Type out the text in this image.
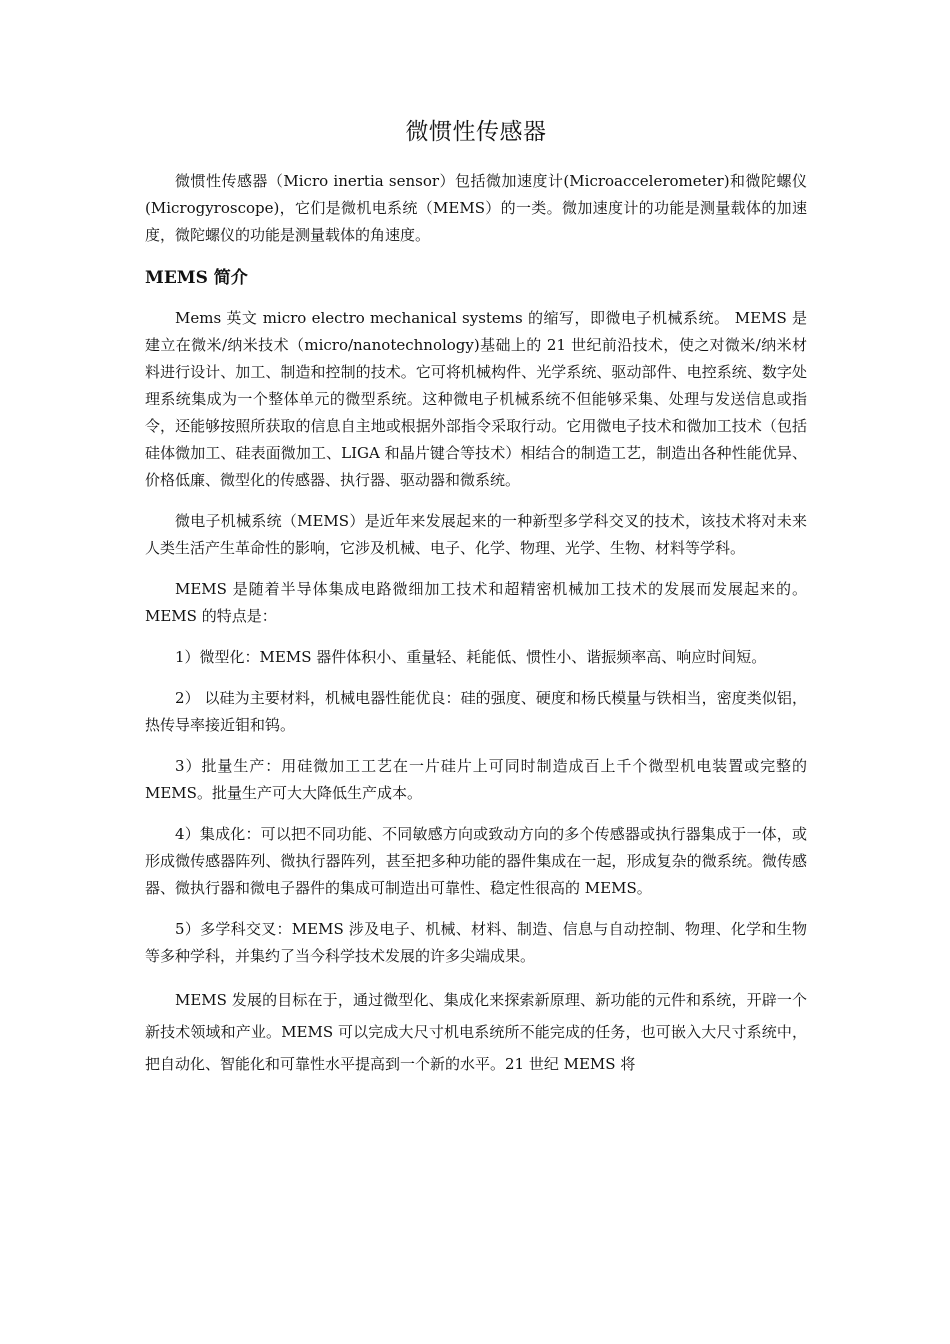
微惯性传感器

微惯性传感器（Micro inertia sensor）包括微加速度计(Microaccelerometer)和微陀螺仪(Microgyroscope)，它们是微机电系统（MEMS）的一类。微加速度计的功能是测量载体的加速度，微陀螺仪的功能是测量载体的角速度。

MEMS 简介

Mems 英文 micro electro mechanical systems 的缩写，即微电子机械系统。 MEMS 是建立在微米/纳米技术（micro/nanotechnology)基础上的 21 世纪前沿技术，使之对微米/纳米材料进行设计、加工、制造和控制的技术。它可将机械构件、光学系统、驱动部件、电控系统、数字处理系统集成为一个整体单元的微型系统。这种微电子机械系统不但能够采集、处理与发送信息或指令，还能够按照所获取的信息自主地或根据外部指令采取行动。它用微电子技术和微加工技术（包括硅体微加工、硅表面微加工、LIGA 和晶片键合等技术）相结合的制造工艺，制造出各种性能优异、价格低廉、微型化的传感器、执行器、驱动器和微系统。

微电子机械系统（MEMS）是近年来发展起来的一种新型多学科交叉的技术，该技术将对未来人类生活产生革命性的影响，它涉及机械、电子、化学、物理、光学、生物、材料等学科。

MEMS 是随着半导体集成电路微细加工技术和超精密机械加工技术的发展而发展起来的。MEMS 的特点是：

1）微型化：MEMS 器件体积小、重量轻、耗能低、惯性小、谐振频率高、响应时间短。

2） 以硅为主要材料，机械电器性能优良：硅的强度、硬度和杨氏模量与铁相当，密度类似铝，热传导率接近钼和钨。

3）批量生产：用硅微加工工艺在一片硅片上可同时制造成百上千个微型机电装置或完整的 MEMS。批量生产可大大降低生产成本。

4）集成化：可以把不同功能、不同敏感方向或致动方向的多个传感器或执行器集成于一体，或形成微传感器阵列、微执行器阵列，甚至把多种功能的器件集成在一起，形成复杂的微系统。微传感器、微执行器和微电子器件的集成可制造出可靠性、稳定性很高的 MEMS。

5）多学科交叉：MEMS 涉及电子、机械、材料、制造、信息与自动控制、物理、化学和生物等多种学科，并集约了当今科学技术发展的许多尖端成果。

MEMS 发展的目标在于，通过微型化、集成化来探索新原理、新功能的元件和系统，开辟一个新技术领域和产业。MEMS 可以完成大尺寸机电系统所不能完成的任务，也可嵌入大尺寸系统中，把自动化、智能化和可靠性水平提高到一个新的水平。21 世纪 MEMS 将
